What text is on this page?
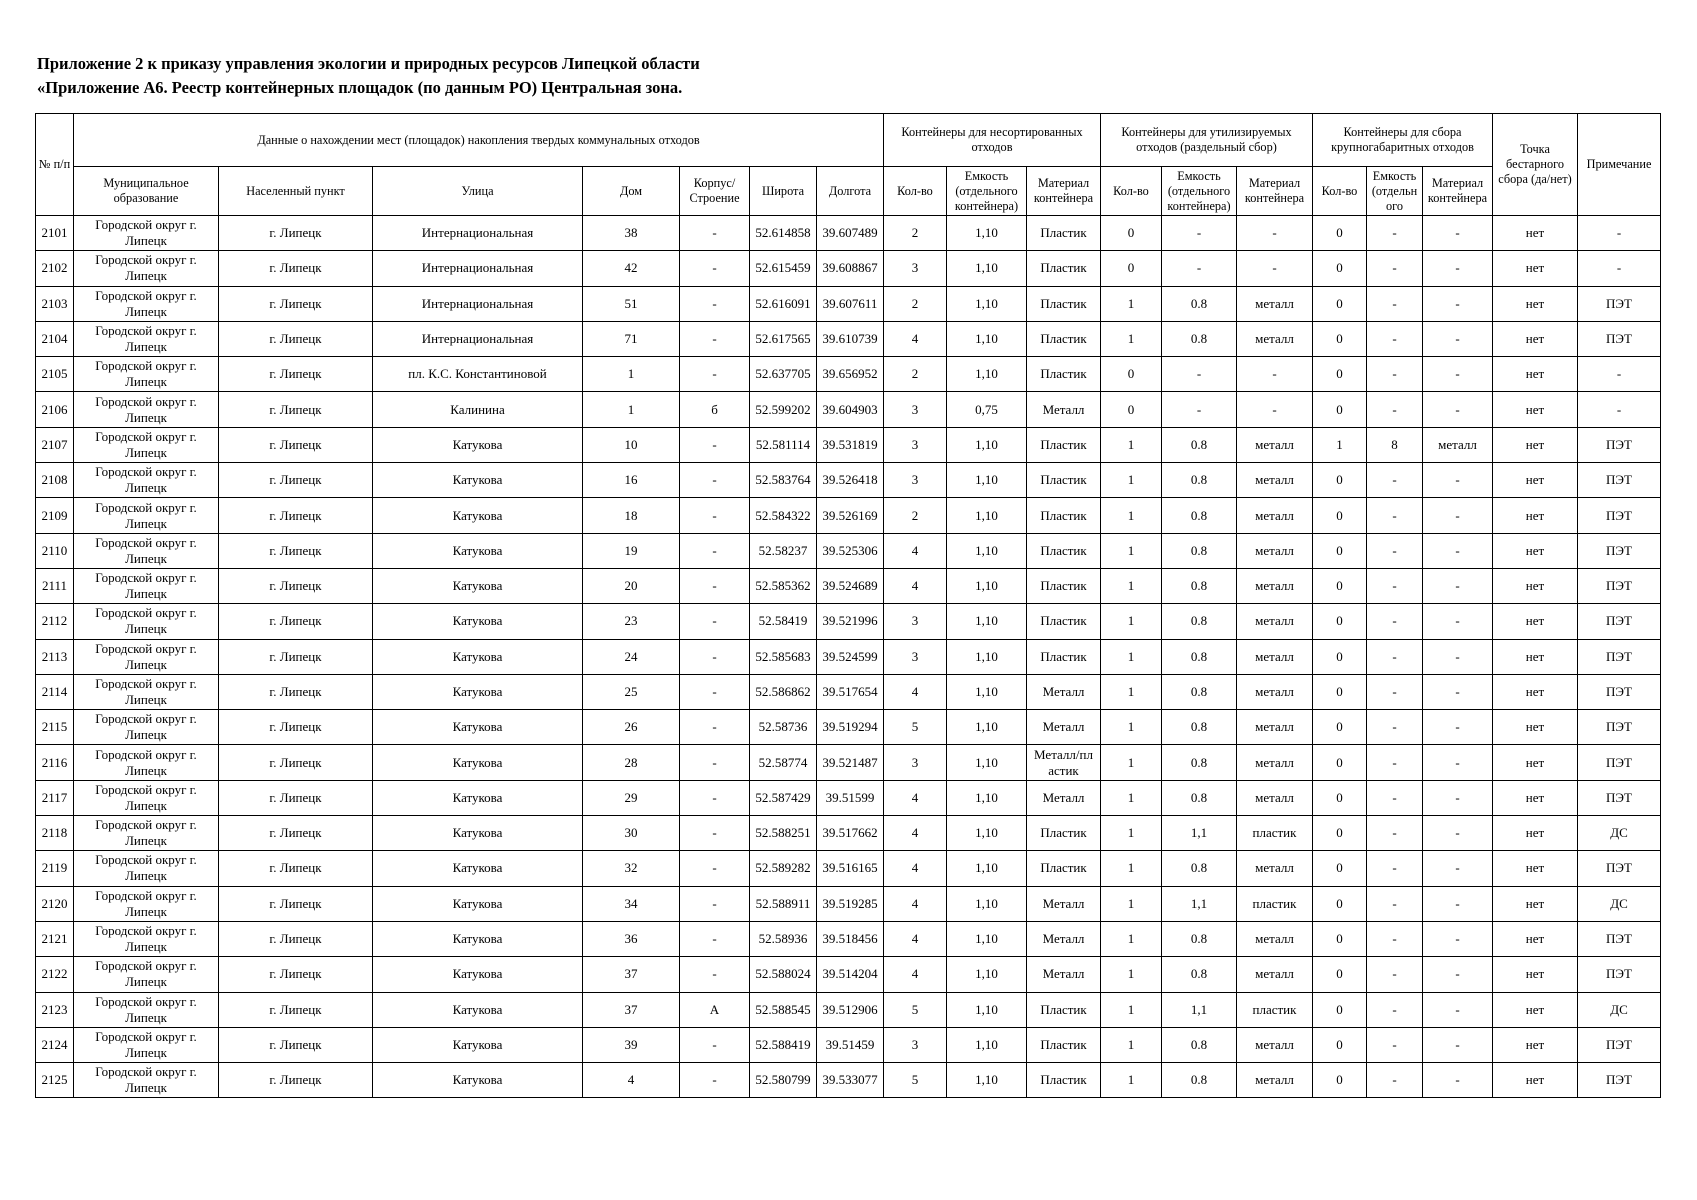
Приложение 2 к приказу управления экологии и природных ресурсов Липецкой области
«Приложение А6. Реестр контейнерных площадок (по данным РО) Центральная зона.
№ п/п	Данные о нахождении мест (площадок) накопления твердых коммунальных отходов							Контейнеры для несортированных отходов			Контейнеры для утилизируемых отходов (раздельный сбор)			Контейнеры для сбора крупногабаритных отходов			Точка бестарного сбора (да/нет)	Примечание
	Муниципальное образование	Населенный пункт	Улица	Дом	Корпус/ Строение	Широта	Долгота	Кол-во	Емкость (отдельного контейнера)	Материал контейнера	Кол-во	Емкость (отдельного контейнера)	Материал контейнера	Кол-во	Емкость (отдельн ого	Материал контейнера		
2101	Городской округ г. Липецк	г. Липецк	Интернациональная	38	-	52.614858	39.607489	2	1,10	Пластик	0	-	-	0	-	-	нет	-
2102	Городской округ г. Липецк	г. Липецк	Интернациональная	42	-	52.615459	39.608867	3	1,10	Пластик	0	-	-	0	-	-	нет	-
2103	Городской округ г. Липецк	г. Липецк	Интернациональная	51	-	52.616091	39.607611	2	1,10	Пластик	1	0.8	металл	0	-	-	нет	ПЭТ
2104	Городской округ г. Липецк	г. Липецк	Интернациональная	71	-	52.617565	39.610739	4	1,10	Пластик	1	0.8	металл	0	-	-	нет	ПЭТ
2105	Городской округ г. Липецк	г. Липецк	пл. К.С. Константиновой	1	-	52.637705	39.656952	2	1,10	Пластик	0	-	-	0	-	-	нет	-
2106	Городской округ г. Липецк	г. Липецк	Калинина	1	б	52.599202	39.604903	3	0,75	Металл	0	-	-	0	-	-	нет	-
2107	Городской округ г. Липецк	г. Липецк	Катукова	10	-	52.581114	39.531819	3	1,10	Пластик	1	0.8	металл	1	8	металл	нет	ПЭТ
2108	Городской округ г. Липецк	г. Липецк	Катукова	16	-	52.583764	39.526418	3	1,10	Пластик	1	0.8	металл	0	-	-	нет	ПЭТ
2109	Городской округ г. Липецк	г. Липецк	Катукова	18	-	52.584322	39.526169	2	1,10	Пластик	1	0.8	металл	0	-	-	нет	ПЭТ
2110	Городской округ г. Липецк	г. Липецк	Катукова	19	-	52.58237	39.525306	4	1,10	Пластик	1	0.8	металл	0	-	-	нет	ПЭТ
2111	Городской округ г. Липецк	г. Липецк	Катукова	20	-	52.585362	39.524689	4	1,10	Пластик	1	0.8	металл	0	-	-	нет	ПЭТ
2112	Городской округ г. Липецк	г. Липецк	Катукова	23	-	52.58419	39.521996	3	1,10	Пластик	1	0.8	металл	0	-	-	нет	ПЭТ
2113	Городской округ г. Липецк	г. Липецк	Катукова	24	-	52.585683	39.524599	3	1,10	Пластик	1	0.8	металл	0	-	-	нет	ПЭТ
2114	Городской округ г. Липецк	г. Липецк	Катукова	25	-	52.586862	39.517654	4	1,10	Металл	1	0.8	металл	0	-	-	нет	ПЭТ
2115	Городской округ г. Липецк	г. Липецк	Катукова	26	-	52.58736	39.519294	5	1,10	Металл	1	0.8	металл	0	-	-	нет	ПЭТ
2116	Городской округ г. Липецк	г. Липецк	Катукова	28	-	52.58774	39.521487	3	1,10	Металл/пл астик	1	0.8	металл	0	-	-	нет	ПЭТ
2117	Городской округ г. Липецк	г. Липецк	Катукова	29	-	52.587429	39.51599	4	1,10	Металл	1	0.8	металл	0	-	-	нет	ПЭТ
2118	Городской округ г. Липецк	г. Липецк	Катукова	30	-	52.588251	39.517662	4	1,10	Пластик	1	1,1	пластик	0	-	-	нет	ДС
2119	Городской округ г. Липецк	г. Липецк	Катукова	32	-	52.589282	39.516165	4	1,10	Пластик	1	0.8	металл	0	-	-	нет	ПЭТ
2120	Городской округ г. Липецк	г. Липецк	Катукова	34	-	52.588911	39.519285	4	1,10	Металл	1	1,1	пластик	0	-	-	нет	ДС
2121	Городской округ г. Липецк	г. Липецк	Катукова	36	-	52.58936	39.518456	4	1,10	Металл	1	0.8	металл	0	-	-	нет	ПЭТ
2122	Городской округ г. Липецк	г. Липецк	Катукова	37	-	52.588024	39.514204	4	1,10	Металл	1	0.8	металл	0	-	-	нет	ПЭТ
2123	Городской округ г. Липецк	г. Липецк	Катукова	37	А	52.588545	39.512906	5	1,10	Пластик	1	1,1	пластик	0	-	-	нет	ДС
2124	Городской округ г. Липецк	г. Липецк	Катукова	39	-	52.588419	39.51459	3	1,10	Пластик	1	0.8	металл	0	-	-	нет	ПЭТ
2125	Городской округ г. Липецк	г. Липецк	Катукова	4	-	52.580799	39.533077	5	1,10	Пластик	1	0.8	металл	0	-	-	нет	ПЭТ
